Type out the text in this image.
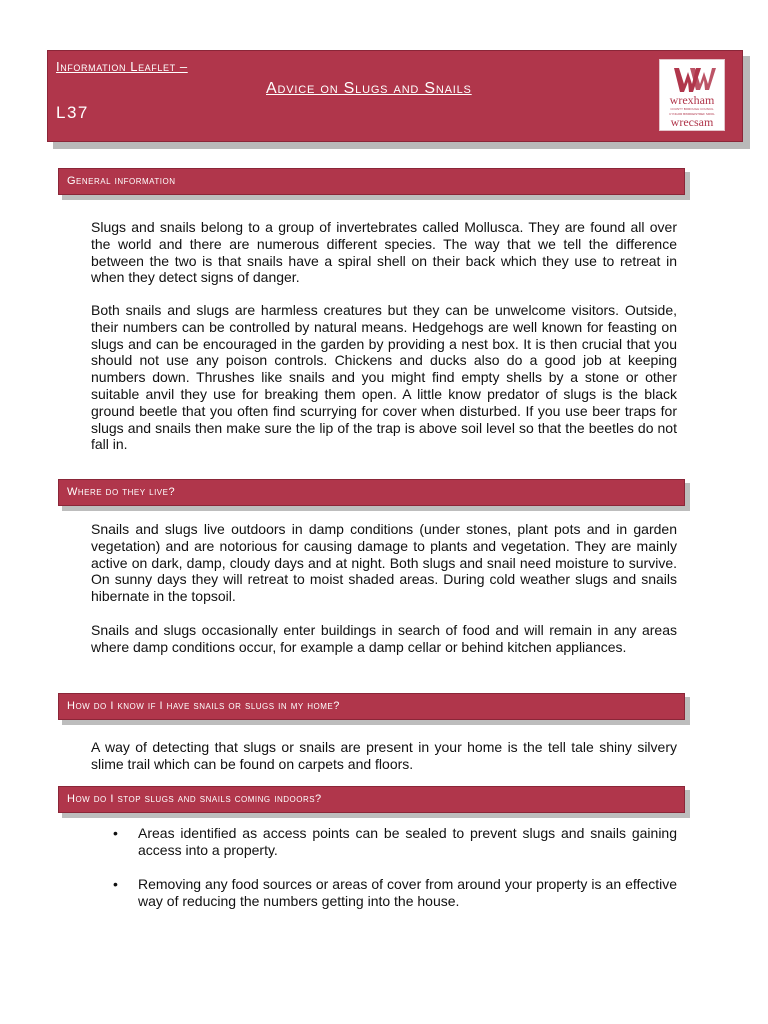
Information Leaflet –
Advice on Slugs and Snails
L37
wrexham
COUNTY BOROUGH COUNCIL
CYNGOR BWRDEISTREF SIROL
wrecsam
General information

Slugs and snails belong to a group of invertebrates called Mollusca. They are found all over the world and there are numerous different species. The way that we tell the difference between the two is that snails have a spiral shell on their back which they use to retreat in when they detect signs of danger.

Both snails and slugs are harmless creatures but they can be unwelcome visitors. Outside, their numbers can be controlled by natural means. Hedgehogs are well known for feasting on slugs and can be encouraged in the garden by providing a nest box. It is then crucial that you should not use any poison controls. Chickens and ducks also do a good job at keeping numbers down. Thrushes like snails and you might find empty shells by a stone or other suitable anvil they use for breaking them open. A little know predator of slugs is the black ground beetle that you often find scurrying for cover when disturbed. If you use beer traps for slugs and snails then make sure the lip of the trap is above soil level so that the beetles do not fall in.

Where do they live?

Snails and slugs live outdoors in damp conditions (under stones, plant pots and in garden vegetation) and are notorious for causing damage to plants and vegetation. They are mainly active on dark, damp, cloudy days and at night. Both slugs and snail need moisture to survive. On sunny days they will retreat to moist shaded areas. During cold weather slugs and snails hibernate in the topsoil.

Snails and slugs occasionally enter buildings in search of food and will remain in any areas where damp conditions occur, for example a damp cellar or behind kitchen appliances.

How do I know if I have snails or slugs in my home?

A way of detecting that slugs or snails are present in your home is the tell tale shiny silvery slime trail which can be found on carpets and floors.

How do I stop slugs and snails coming indoors?
• Areas identified as access points can be sealed to prevent slugs and snails gaining access into a property.

• Removing any food sources or areas of cover from around your property is an effective way of reducing the numbers getting into the house.
